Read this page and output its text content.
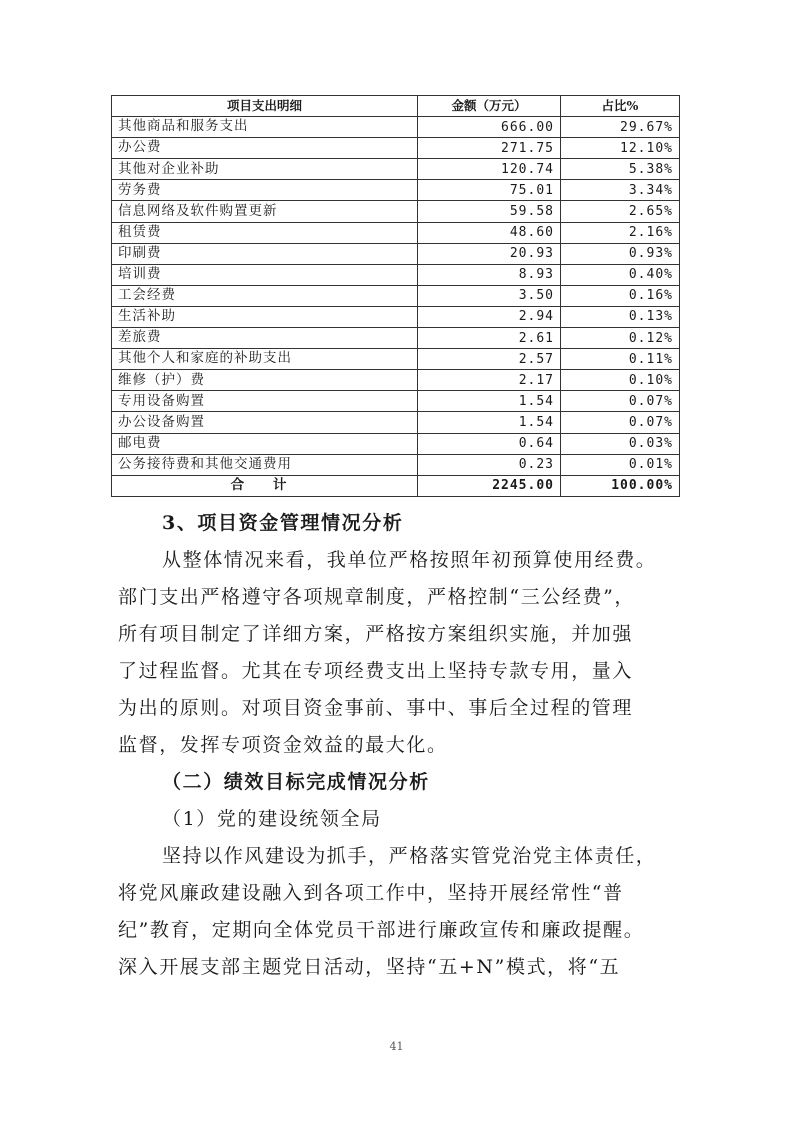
项目支出明细	金额（万元）	占比%
其他商品和服务支出	666.00	29.67%
办公费	271.75	12.10%
其他对企业补助	120.74	5.38%
劳务费	75.01	3.34%
信息网络及软件购置更新	59.58	2.65%
租赁费	48.60	2.16%
印刷费	20.93	0.93%
培训费	8.93	0.40%
工会经费	3.50	0.16%
生活补助	2.94	0.13%
差旅费	2.61	0.12%
其他个人和家庭的补助支出	2.57	0.11%
维修（护）费	2.17	0.10%
专用设备购置	1.54	0.07%
办公设备购置	1.54	0.07%
邮电费	0.64	0.03%
公务接待费和其他交通费用	0.23	0.01%
合 计	2245.00	100.00%
3、项目资金管理情况分析
从整体情况来看，我单位严格按照年初预算使用经费。
部门支出严格遵守各项规章制度，严格控制“三公经费”，
所有项目制定了详细方案，严格按方案组织实施，并加强
了过程监督。尤其在专项经费支出上坚持专款专用，量入
为出的原则。对项目资金事前、事中、事后全过程的管理
监督，发挥专项资金效益的最大化。
（二）绩效目标完成情况分析
（1）党的建设统领全局
坚持以作风建设为抓手，严格落实管党治党主体责任，
将党风廉政建设融入到各项工作中，坚持开展经常性“普
纪”教育，定期向全体党员干部进行廉政宣传和廉政提醒。
深入开展支部主题党日活动，坚持“五+N”模式，将“五
41
